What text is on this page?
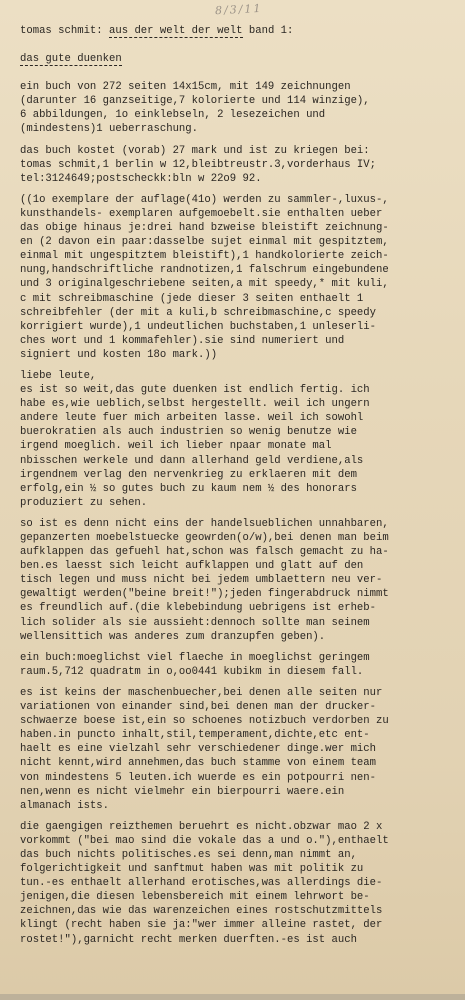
8/3/11
tomas schmit: aus der welt der welt band 1:
das gute duenken
ein buch von 272 seiten 14x15cm, mit 149 zeichnungen
(darunter 16 ganzseitige,7 kolorierte und 114 winzige),
6 abbildungen, 1o einklebseln, 2 lesezeichen und
(mindestens)1 ueberraschung.
das buch kostet (vorab) 27 mark und ist zu kriegen bei:
tomas schmit,1 berlin w 12,bleibtreustr.3,vorderhaus IV;
tel:3124649;postscheckk:bln w 22o9 92.
((1o exemplare der auflage(41o) werden zu sammler-,luxus-,
kunsthandels- exemplaren aufgemoebelt.sie enthalten ueber
das obige hinaus je:drei hand bzweise bleistift zeichnung-
en (2 davon ein paar:dasselbe sujet einmal mit gespitztem,
einmal mit ungespitztem bleistift),1 handkolorierte zeich-
nung,handschriftliche randnotizen,1 falschrum eingebundene
und 3 originalgeschriebene seiten,a mit speedy,* mit kuli,
c mit schreibmaschine (jede dieser 3 seiten enthaelt 1
schreibfehler (der mit a kuli,b schreibmaschine,c speedy
korrigiert wurde),1 undeutlichen buchstaben,1 unleserli-
ches wort und 1 kommafehler).sie sind numeriert und
signiert und kosten 18o mark.))
liebe leute,
es ist so weit,das gute duenken ist endlich fertig. ich
habe es,wie ueblich,selbst hergestellt. weil ich ungern
andere leute fuer mich arbeiten lasse. weil ich sowohl
buerokratien als auch industrien so wenig benutze wie
irgend moeglich. weil ich lieber npaar monate mal
nbisschen werkele und dann allerhand geld verdiene,als
irgendnem verlag den nervenkrieg zu erklaeren mit dem
erfolg,ein ½ so gutes buch zu kaum nem ½ des honorars
produziert zu sehen.
so ist es denn nicht eins der handelsueblichen unnahbaren,
gepanzerten moebelstuecke geowrden(o/w),bei denen man beim
aufklappen das gefuehl hat,schon was falsch gemacht zu ha-
ben.es laesst sich leicht aufklappen und glatt auf den
tisch legen und muss nicht bei jedem umblaettern neu ver-
gewaltigt werden("beine breit!");jeden fingerabdruck nimmt
es freundlich auf.(die klebebindung uebrigens ist erheb-
lich solider als sie aussieht:dennoch sollte man seinem
wellensittich was anderes zum dranzupfen geben).
ein buch:moeglichst viel flaeche in moeglichst geringem
raum.5,712 quadratm in o,oo0441 kubikm in diesem fall.
es ist keins der maschenbuecher,bei denen alle seiten nur
variationen von einander sind,bei denen man der drucker-
schwaerze boese ist,ein so schoenes notizbuch verdorben zu
haben.in puncto inhalt,stil,temperament,dichte,etc ent-
haelt es eine vielzahl sehr verschiedener dinge.wer mich
nicht kennt,wird annehmen,das buch stamme von einem team
von mindestens 5 leuten.ich wuerde es ein potpourri nen-
nen,wenn es nicht vielmehr ein bierpourri waere.ein
almanach ists.
die gaengigen reizthemen beruehrt es nicht.obzwar mao 2 x
vorkommt ("bei mao sind die vokale das a und o."),enthaelt
das buch nichts politisches.es sei denn,man nimmt an,
folgerichtigkeit und sanftmut haben was mit politik zu
tun.-es enthaelt allerhand erotisches,was allerdings die-
jenigen,die diesen lebensbereich mit einem lehrwort be-
zeichnen,das wie das warenzeichen eines rostschutzmittels
klingt (recht haben sie ja:"wer immer alleine rastet, der
rostet!"),garnicht recht merken duerften.-es ist auch
